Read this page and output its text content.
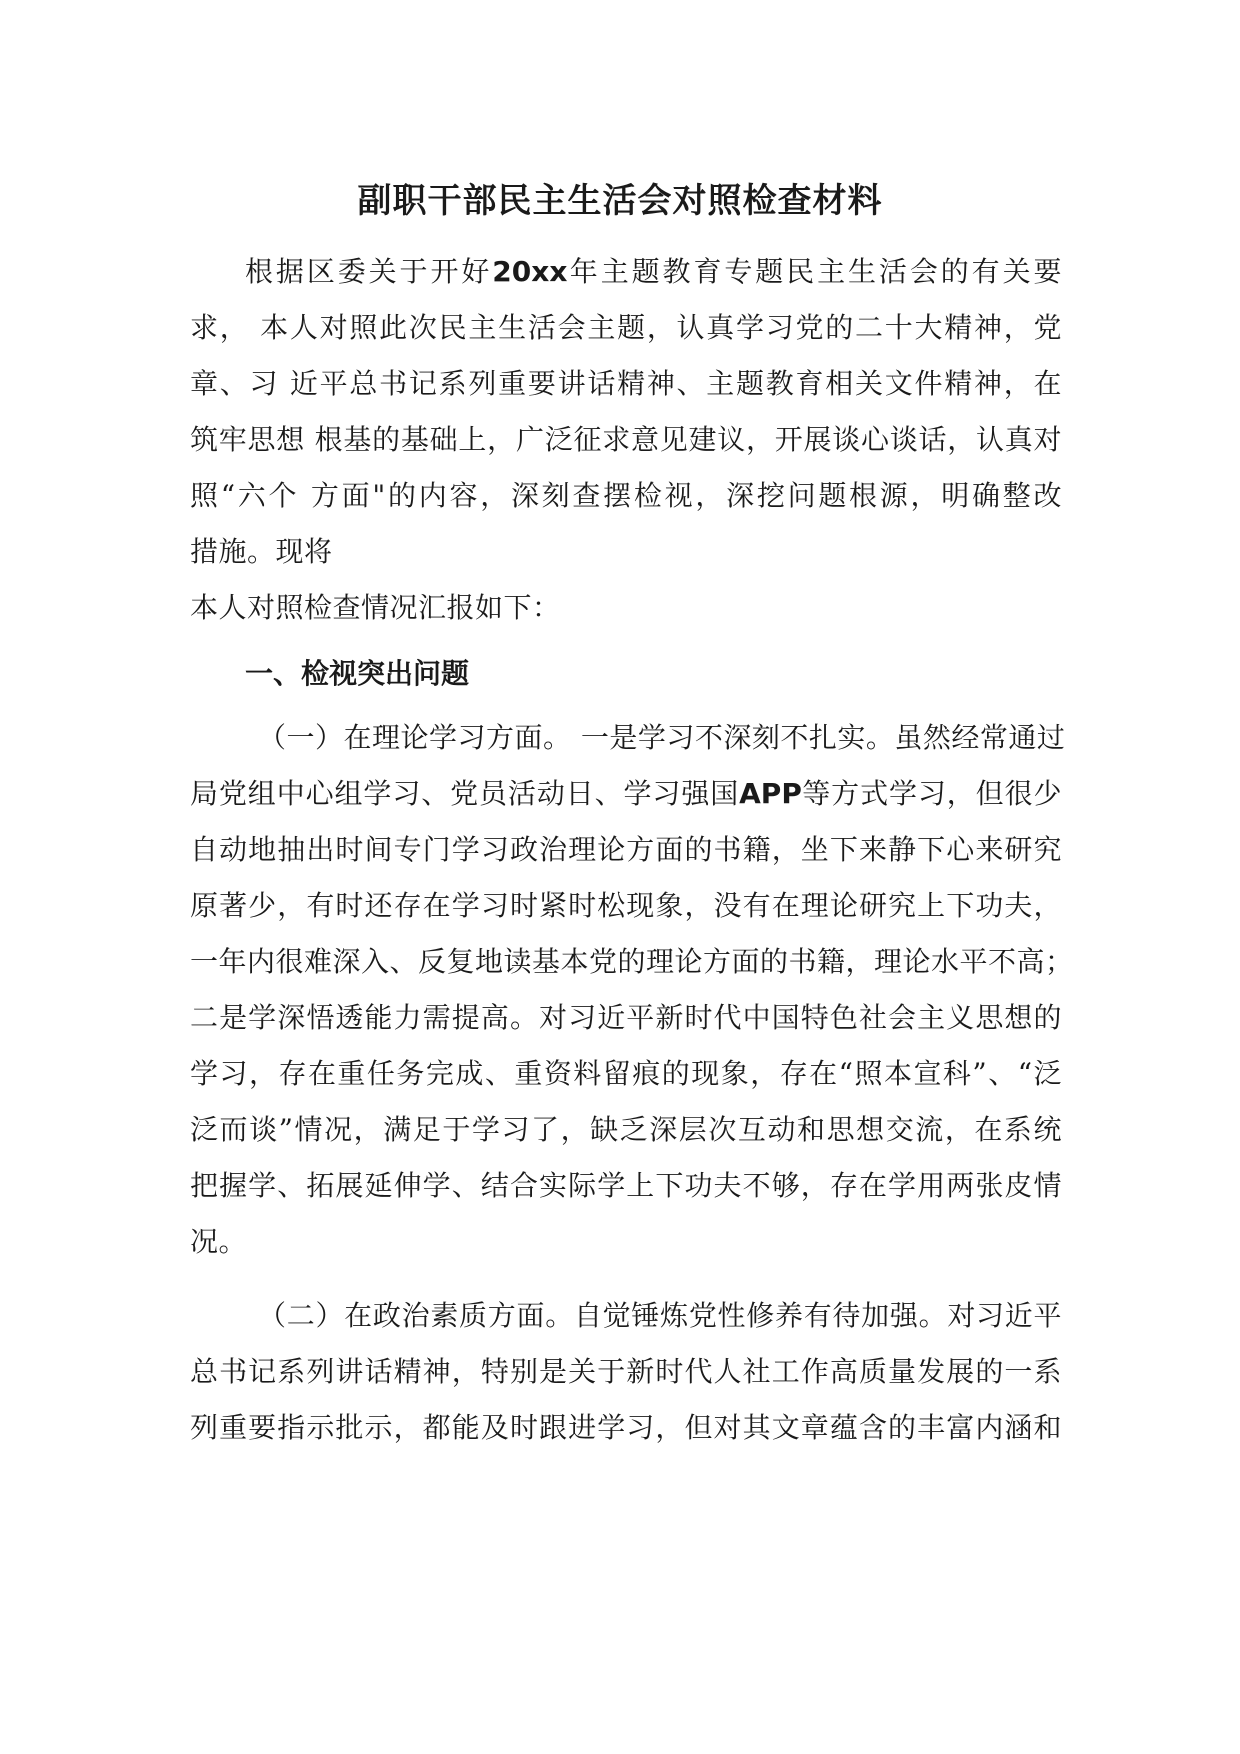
副职干部民主生活会对照检查材料
根据区委关于开好20xx年主题教育专题民主生活会的有关要
求， 本人对照此次民主生活会主题，认真学习党的二十大精神，党
章、习 近平总书记系列重要讲话精神、主题教育相关文件精神，在
筑牢思想 根基的基础上，广泛征求意见建议，开展谈心谈话，认真对
照“六个 方面"的内容，深刻查摆检视，深挖问题根源，明确整改
措施。现将
本人对照检查情况汇报如下：
一、检视突出问题
（一）在理论学习方面。 一是学习不深刻不扎实。虽然经常通过
局党组中心组学习、党员活动日、学习强国APP等方式学习，但很少
自动地抽出时间专门学习政治理论方面的书籍，坐下来静下心来研究
原著少，有时还存在学习时紧时松现象，没有在理论研究上下功夫，
一年内很难深入、反复地读基本党的理论方面的书籍，理论水平不高；
二是学深悟透能力需提高。对习近平新时代中国特色社会主义思想的
学习，存在重任务完成、重资料留痕的现象，存在“照本宣科”、“泛
泛而谈”情况，满足于学习了，缺乏深层次互动和思想交流，在系统
把握学、拓展延伸学、结合实际学上下功夫不够，存在学用两张皮情
况。
（二）在政治素质方面。自觉锤炼党性修养有待加强。对习近平
总书记系列讲话精神，特别是关于新时代人社工作高质量发展的一系
列重要指示批示，都能及时跟进学习，但对其文章蕴含的丰富内涵和
